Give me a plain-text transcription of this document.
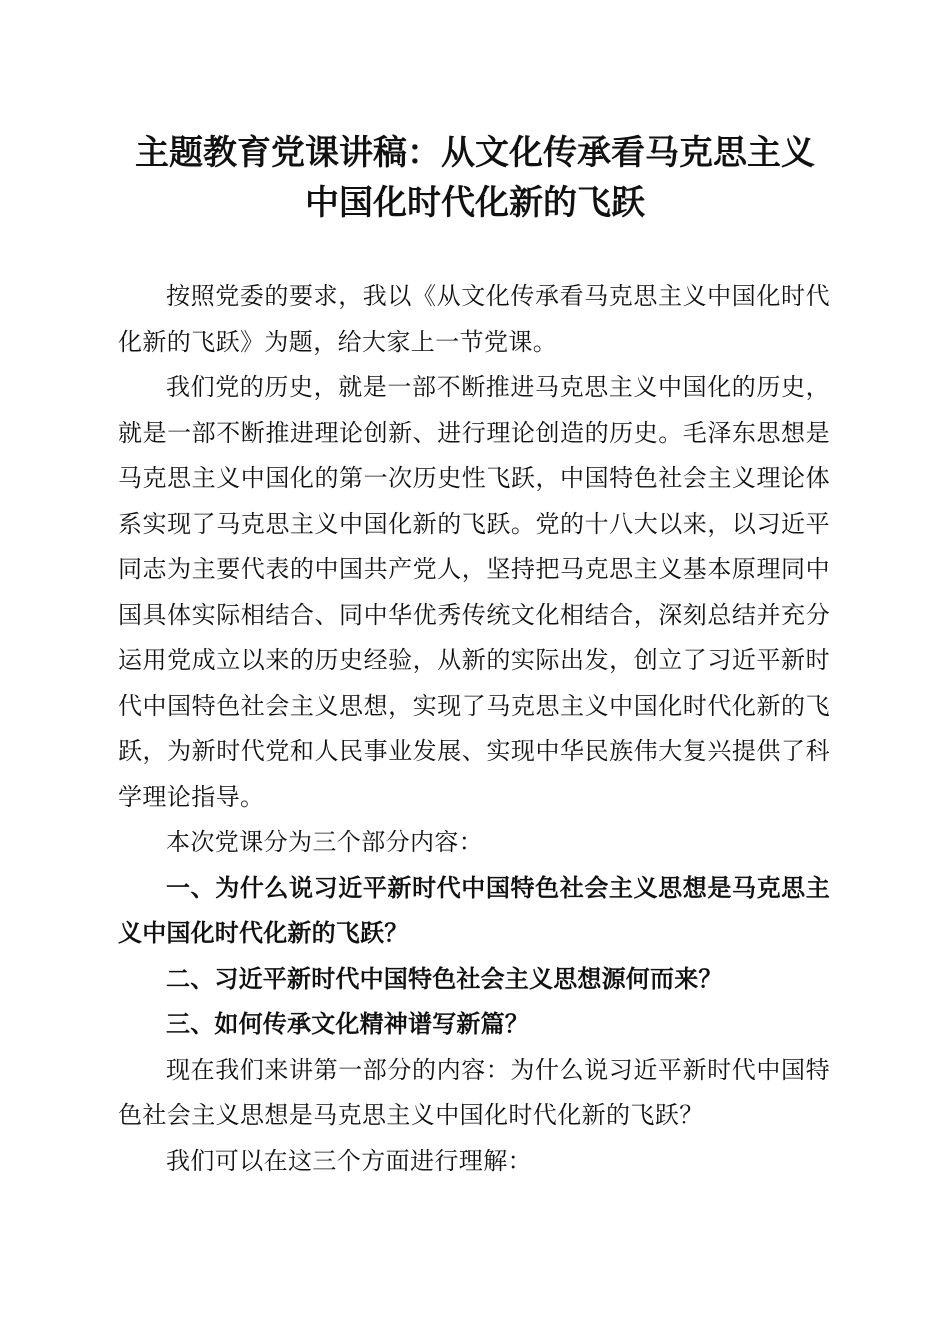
主题教育党课讲稿：从文化传承看马克思主义
中国化时代化新的飞跃

按照党委的要求，我以《从文化传承看马克思主义中国化时代化新的飞跃》为题，给大家上一节党课。

我们党的历史，就是一部不断推进马克思主义中国化的历史，就是一部不断推进理论创新、进行理论创造的历史。毛泽东思想是马克思主义中国化的第一次历史性飞跃，中国特色社会主义理论体系实现了马克思主义中国化新的飞跃。党的十八大以来，以习近平同志为主要代表的中国共产党人，坚持把马克思主义基本原理同中国具体实际相结合、同中华优秀传统文化相结合，深刻总结并充分运用党成立以来的历史经验，从新的实际出发，创立了习近平新时代中国特色社会主义思想，实现了马克思主义中国化时代化新的飞跃，为新时代党和人民事业发展、实现中华民族伟大复兴提供了科学理论指导。

本次党课分为三个部分内容：

一、为什么说习近平新时代中国特色社会主义思想是马克思主义中国化时代化新的飞跃？

二、习近平新时代中国特色社会主义思想源何而来？

三、如何传承文化精神谱写新篇？

现在我们来讲第一部分的内容：为什么说习近平新时代中国特色社会主义思想是马克思主义中国化时代化新的飞跃？

我们可以在这三个方面进行理解：
